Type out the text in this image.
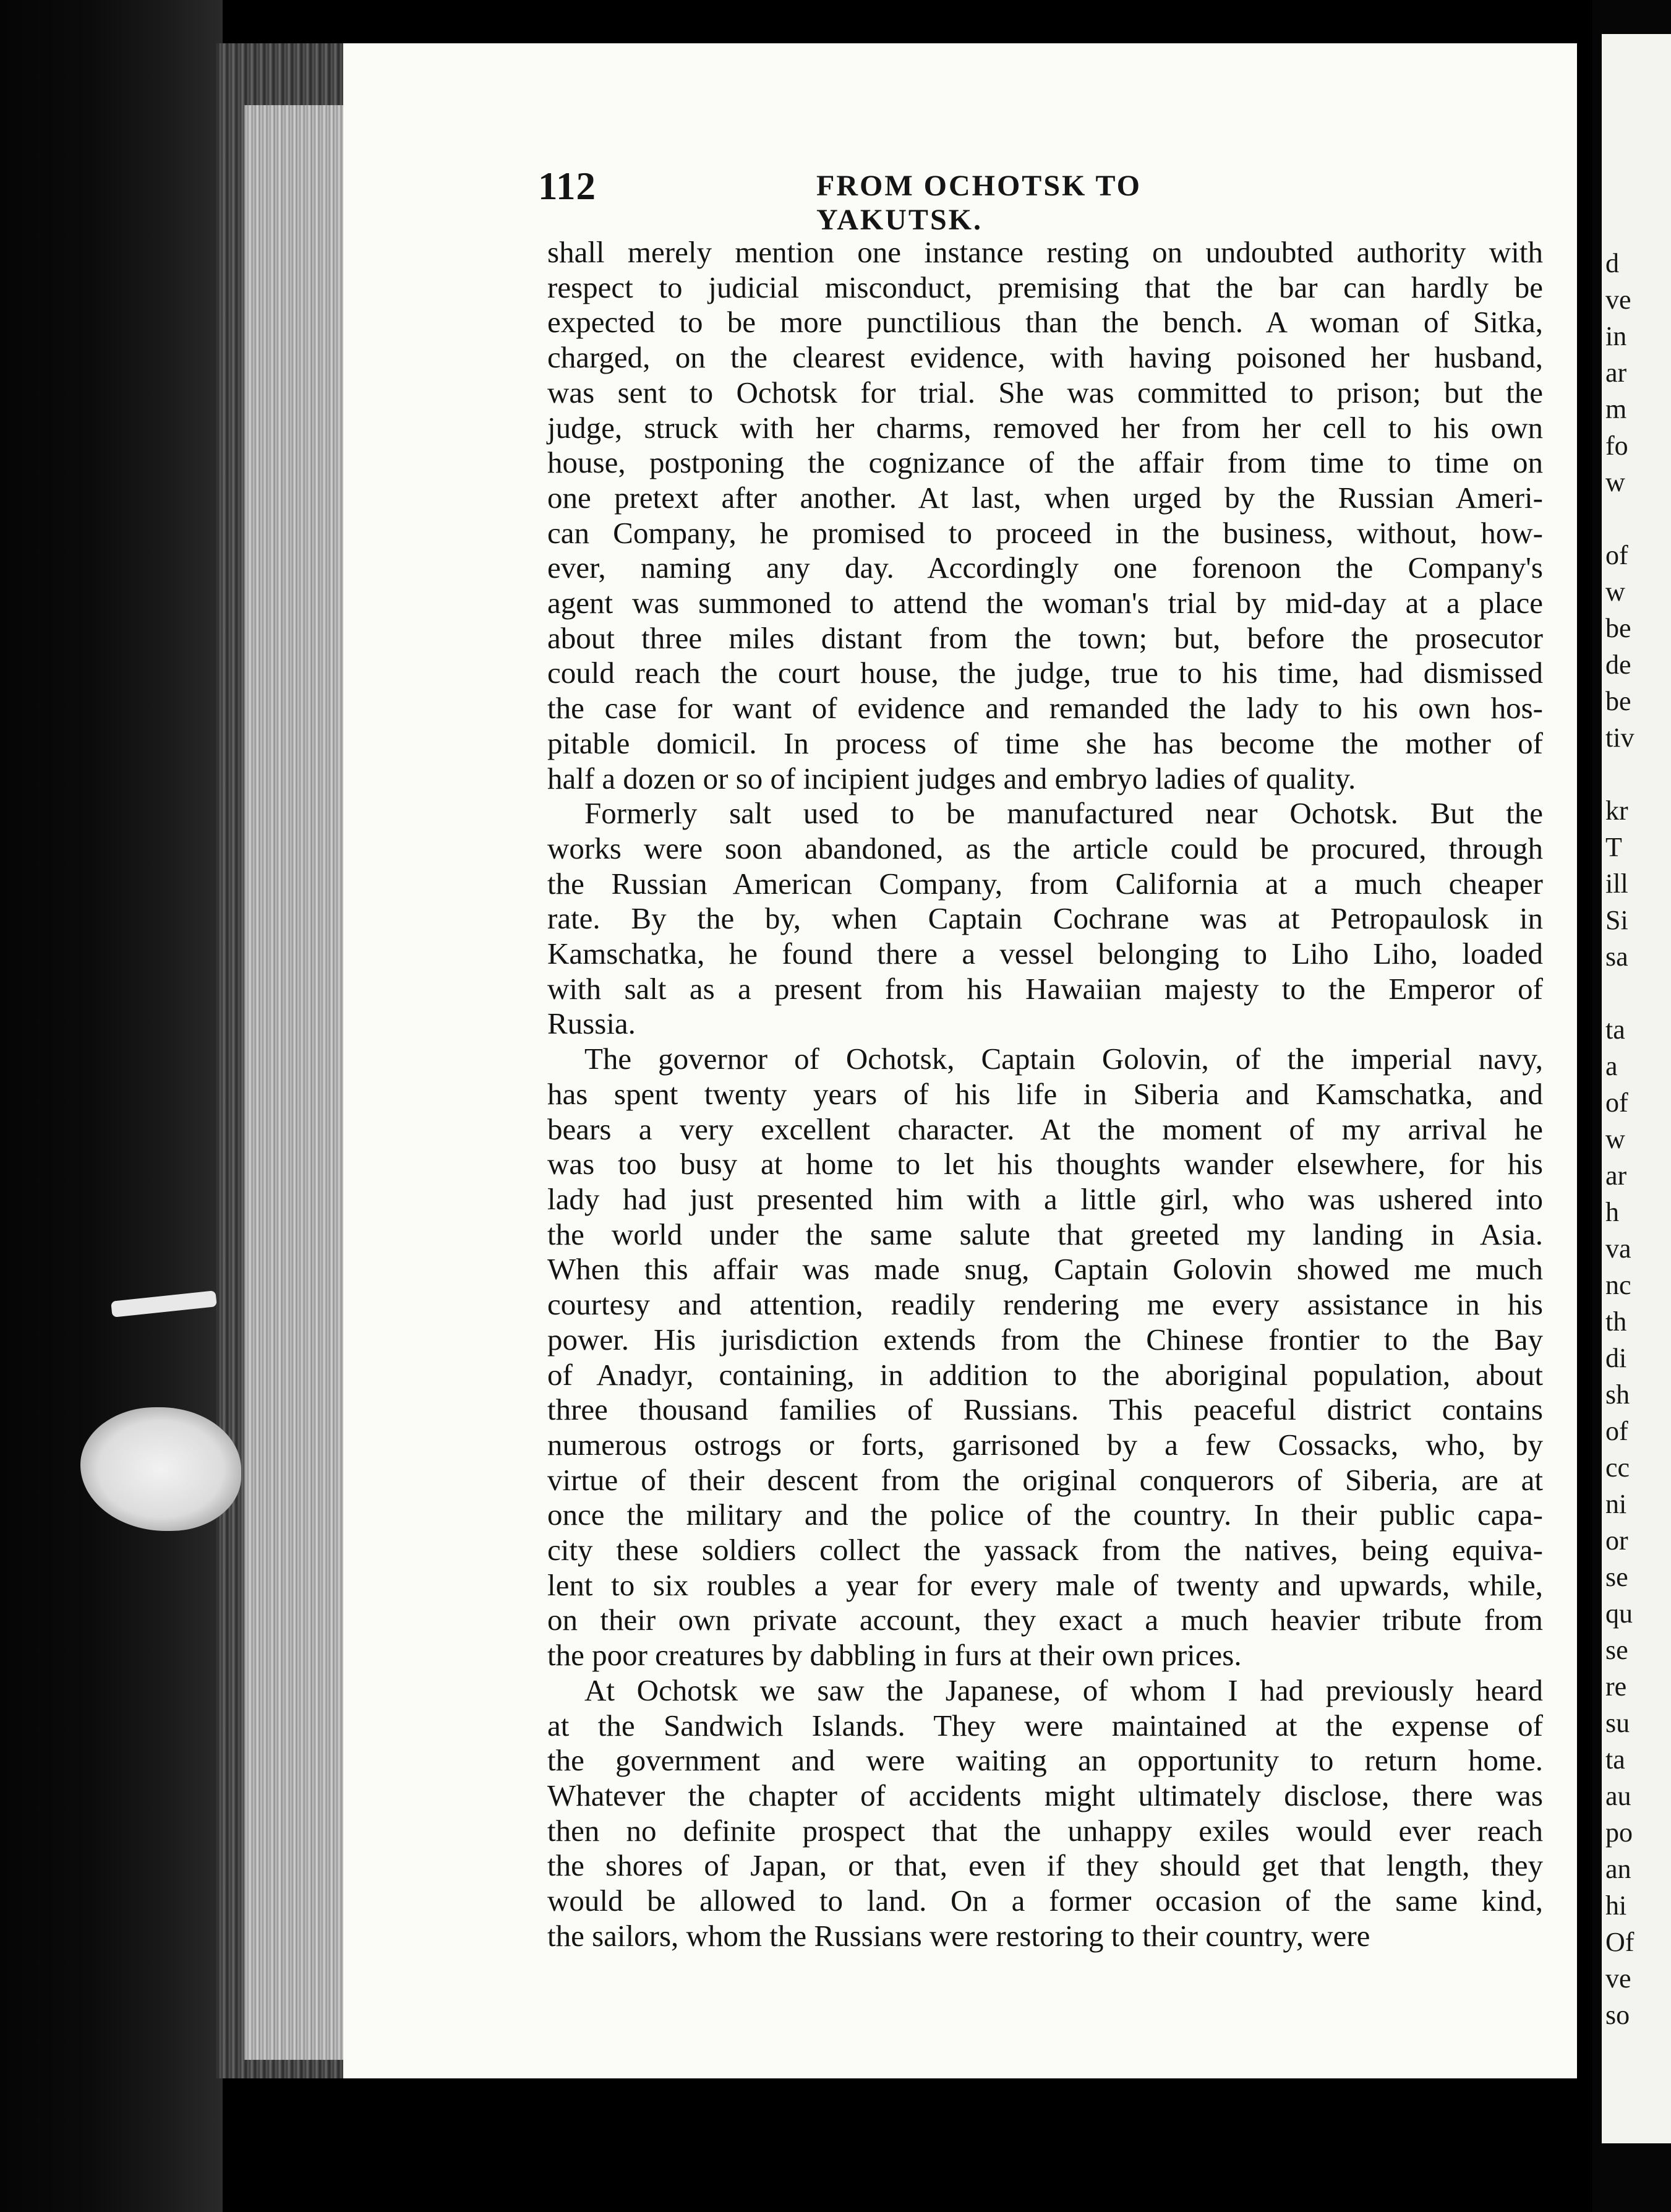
d
ve
in
ar
m
fo
w
of
w
be
de
be
tiv
kr
T
ill
Si
sa
ta
a
of
w
ar
h
va
nc
th
di
sh
of
cc
ni
or
se
qu
se
re
su
ta
au
po
an
hi
Of
ve
so
112	FROM OCHOTSK TO YAKUTSK.
shall merely mention one instance resting on undoubted authority with
respect to judicial misconduct, premising that the bar can hardly be
expected to be more punctilious than the bench. A woman of Sitka,
charged, on the clearest evidence, with having poisoned her husband,
was sent to Ochotsk for trial. She was committed to prison; but the
judge, struck with her charms, removed her from her cell to his own
house, postponing the cognizance of the affair from time to time on
one pretext after another. At last, when urged by the Russian Ameri-
can Company, he promised to proceed in the business, without, how-
ever, naming any day. Accordingly one forenoon the Company's
agent was summoned to attend the woman's trial by mid-day at a place
about three miles distant from the town; but, before the prosecutor
could reach the court house, the judge, true to his time, had dismissed
the case for want of evidence and remanded the lady to his own hos-
pitable domicil. In process of time she has become the mother of
half a dozen or so of incipient judges and embryo ladies of quality.
Formerly salt used to be manufactured near Ochotsk. But the
works were soon abandoned, as the article could be procured, through
the Russian American Company, from California at a much cheaper
rate. By the by, when Captain Cochrane was at Petropaulosk in
Kamschatka, he found there a vessel belonging to Liho Liho, loaded
with salt as a present from his Hawaiian majesty to the Emperor of
Russia.
The governor of Ochotsk, Captain Golovin, of the imperial navy,
has spent twenty years of his life in Siberia and Kamschatka, and
bears a very excellent character. At the moment of my arrival he
was too busy at home to let his thoughts wander elsewhere, for his
lady had just presented him with a little girl, who was ushered into
the world under the same salute that greeted my landing in Asia.
When this affair was made snug, Captain Golovin showed me much
courtesy and attention, readily rendering me every assistance in his
power. His jurisdiction extends from the Chinese frontier to the Bay
of Anadyr, containing, in addition to the aboriginal population, about
three thousand families of Russians. This peaceful district contains
numerous ostrogs or forts, garrisoned by a few Cossacks, who, by
virtue of their descent from the original conquerors of Siberia, are at
once the military and the police of the country. In their public capa-
city these soldiers collect the yassack from the natives, being equiva-
lent to six roubles a year for every male of twenty and upwards, while,
on their own private account, they exact a much heavier tribute from
the poor creatures by dabbling in furs at their own prices.
At Ochotsk we saw the Japanese, of whom I had previously heard
at the Sandwich Islands. They were maintained at the expense of
the government and were waiting an opportunity to return home.
Whatever the chapter of accidents might ultimately disclose, there was
then no definite prospect that the unhappy exiles would ever reach
the shores of Japan, or that, even if they should get that length, they
would be allowed to land. On a former occasion of the same kind,
the sailors, whom the Russians were restoring to their country, were
